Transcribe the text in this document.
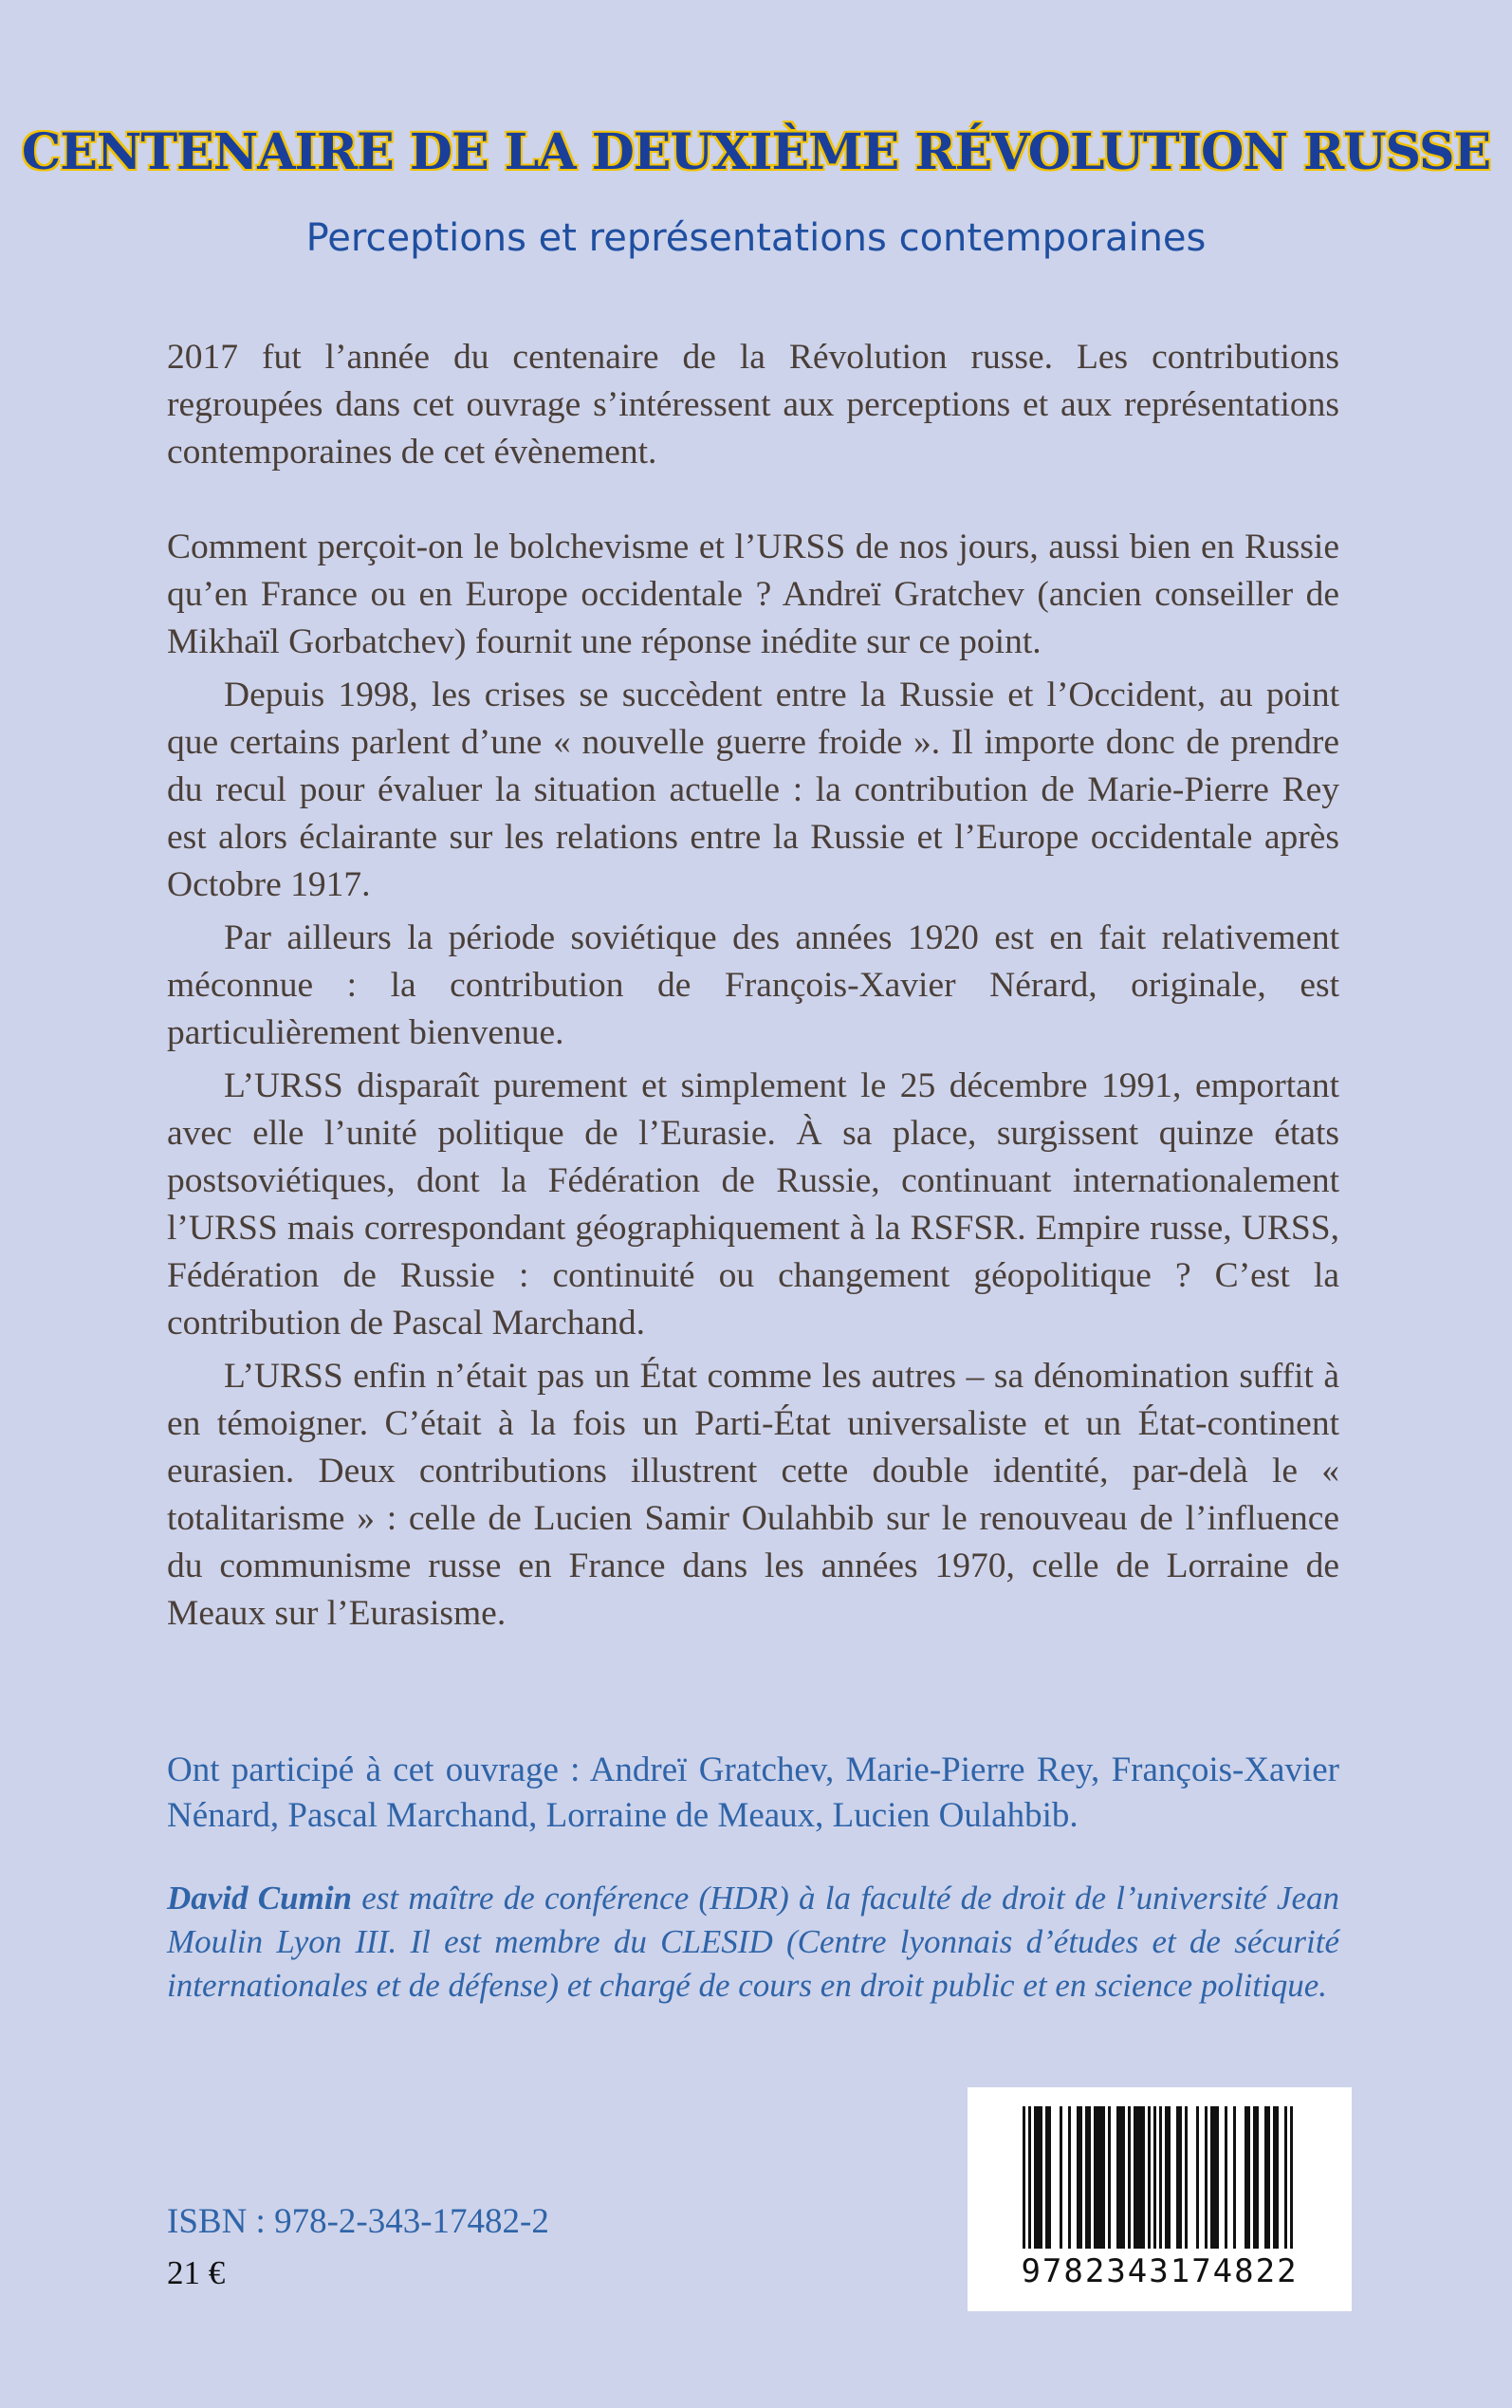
CENTENAIRE DE LA DEUXIÈME RÉVOLUTION RUSSE
Perceptions et représentations contemporaines

2017 fut l’année du centenaire de la Révolution russe. Les contributions regroupées dans cet ouvrage s’intéressent aux perceptions et aux représentations contemporaines de cet évènement.

Comment perçoit-on le bolchevisme et l’URSS de nos jours, aussi bien en Russie qu’en France ou en Europe occidentale ? Andreï Gratchev (ancien conseiller de Mikhaïl Gorbatchev) fournit une réponse inédite sur ce point.

Depuis 1998, les crises se succèdent entre la Russie et l’Occident, au point que certains parlent d’une « nouvelle guerre froide ». Il importe donc de prendre du recul pour évaluer la situation actuelle : la contribution de Marie-Pierre Rey est alors éclairante sur les relations entre la Russie et l’Europe occidentale après Octobre 1917.

Par ailleurs la période soviétique des années 1920 est en fait relativement méconnue : la contribution de François-Xavier Nérard, originale, est particulièrement bienvenue.

L’URSS disparaît purement et simplement le 25 décembre 1991, emportant avec elle l’unité politique de l’Eurasie. À sa place, surgissent quinze états postsoviétiques, dont la Fédération de Russie, continuant internationalement l’URSS mais correspondant géographiquement à la RSFSR. Empire russe, URSS, Fédération de Russie : continuité ou changement géopolitique ? C’est la contribution de Pascal Marchand.

L’URSS enfin n’était pas un État comme les autres – sa dénomination suffit à en témoigner. C’était à la fois un Parti-État universaliste et un État-continent eurasien. Deux contributions illustrent cette double identité, par-delà le « totalitarisme » : celle de Lucien Samir Oulahbib sur le renouveau de l’influence du communisme russe en France dans les années 1970, celle de Lorraine de Meaux sur l’Eurasisme.

Ont participé à cet ouvrage : Andreï Gratchev, Marie-Pierre Rey, François-Xavier Nénard, Pascal Marchand, Lorraine de Meaux, Lucien Oulahbib.
David Cumin est maître de conférence (HDR) à la faculté de droit de l’université Jean Moulin Lyon III. Il est membre du CLESID (Centre lyonnais d’études et de sécurité internationales et de défense) et chargé de cours en droit public et en science politique.
ISBN : 978-2-343-17482-2
21 €	9782343174822
